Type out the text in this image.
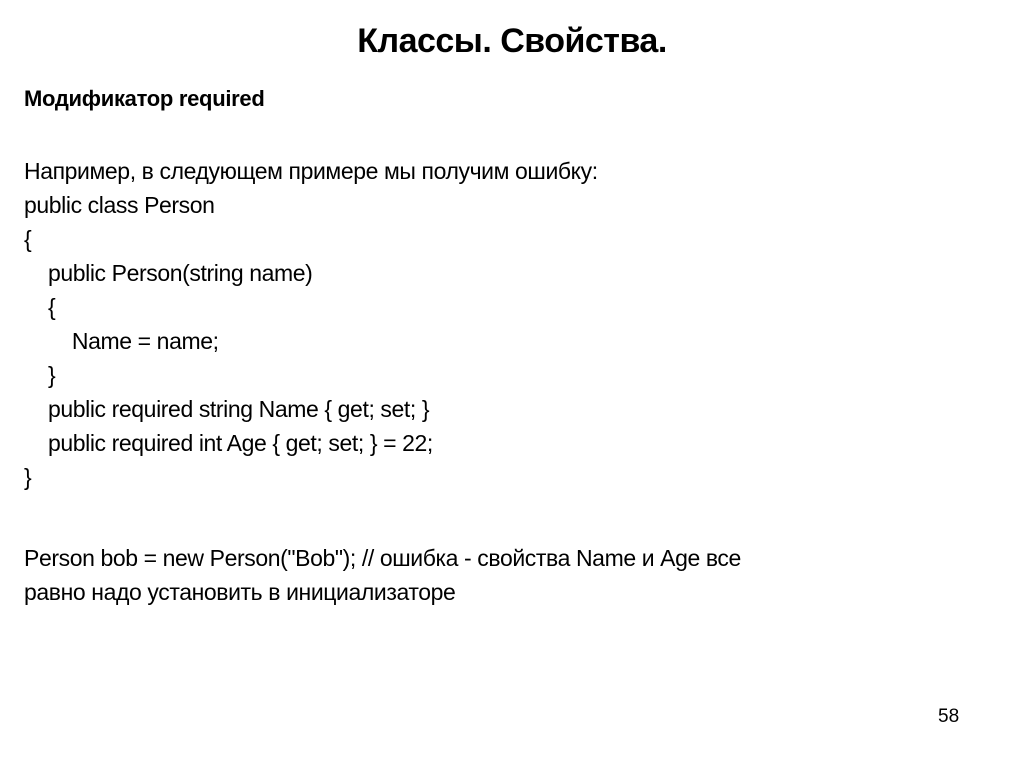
Классы. Свойства.
Модификатор required
Например, в следующем примере мы получим ошибку:
public class Person
{
public Person(string name)
{
Name = name;
}
public required string Name { get; set; }
public required int Age { get; set; } = 22;
}
Person bob = new Person("Bob"); // ошибка - свойства Name и Age все
равно надо установить в инициализаторе
58
